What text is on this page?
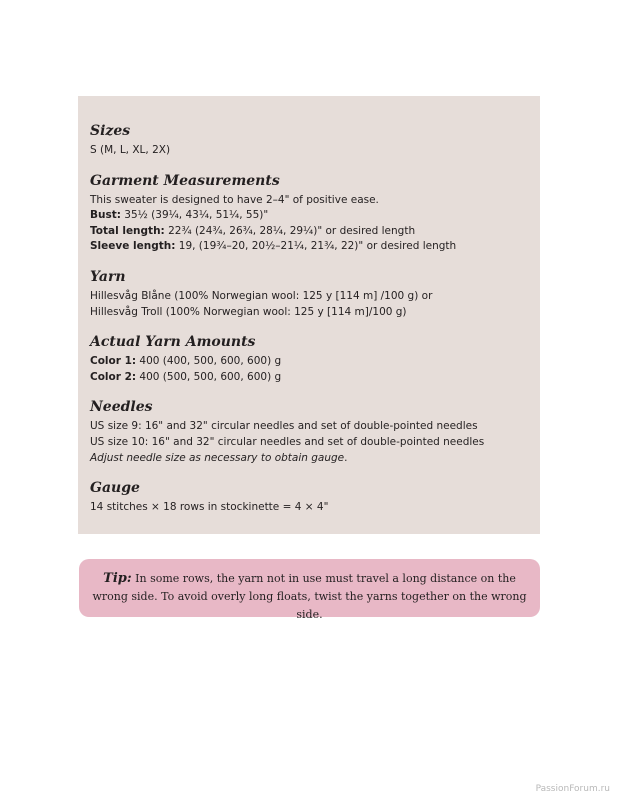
Sizes
S (M, L, XL, 2X)
Garment Measurements
This sweater is designed to have 2–4" of positive ease.
Bust: 35½ (39¼, 43¼, 51¼, 55)"
Total length: 22¾ (24¾, 26¾, 28¼, 29¼)" or desired length
Sleeve length: 19, (19¾–20, 20½–21¼, 21¾, 22)" or desired length
Yarn
Hillesvåg Blåne (100% Norwegian wool: 125 y [114 m] /100 g) or
Hillesvåg Troll (100% Norwegian wool: 125 y [114 m]/100 g)
Actual Yarn Amounts
Color 1: 400 (400, 500, 600, 600) g
Color 2: 400 (500, 500, 600, 600) g
Needles
US size 9: 16" and 32" circular needles and set of double-pointed needles
US size 10: 16" and 32" circular needles and set of double-pointed needles
Adjust needle size as necessary to obtain gauge.
Gauge
14 stitches × 18 rows in stockinette = 4 × 4"
Tip: In some rows, the yarn not in use must travel a long distance on the wrong side. To avoid overly long floats, twist the yarns together on the wrong side.
PassionForum.ru
